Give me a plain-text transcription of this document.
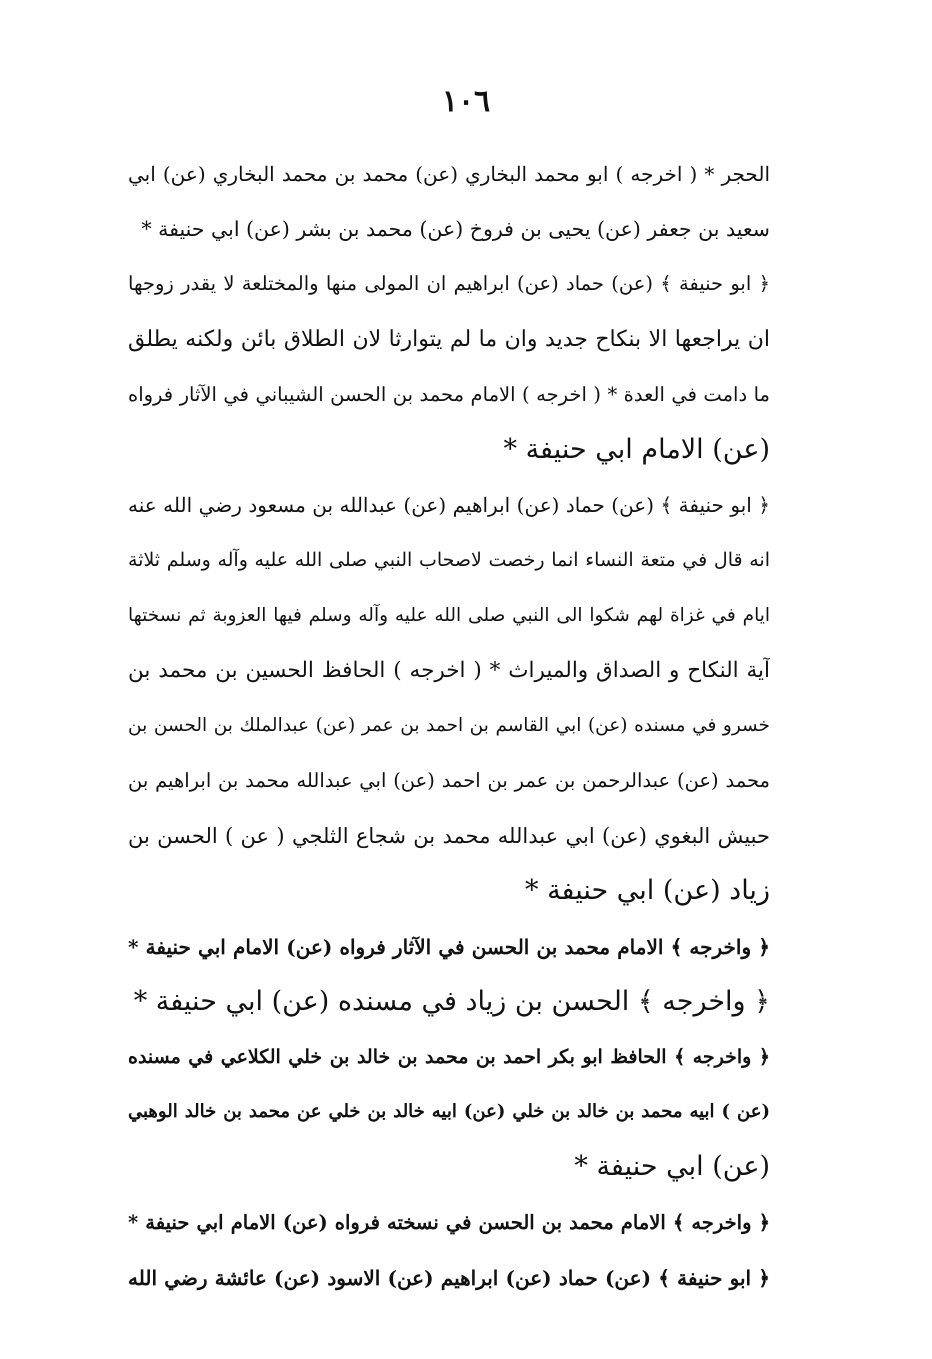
١٠٦
الحجر * ( اخرجه ) ابو محمد البخاري (عن) محمد بن محمد البخاري (عن) ابي
سعيد بن جعفر (عن) يحيى بن فروخ (عن) محمد بن بشر (عن) ابي حنيفة *
﴿ ابو حنيفة ﴾ (عن) حماد (عن) ابراهيم ان المولى منها والمختلعة لا يقدر زوجها
ان يراجعها الا بنكاح جديد وان ما لم يتوارثا لان الطلاق بائن ولكنه يطلق
ما دامت في العدة * ( اخرجه ) الامام محمد بن الحسن الشيباني في الآثار فرواه
(عن) الامام ابي حنيفة *
﴿ ابو حنيفة ﴾ (عن) حماد (عن) ابراهيم (عن) عبدالله بن مسعود رضي الله عنه
انه قال في متعة النساء انما رخصت لاصحاب النبي صلى الله عليه وآله وسلم ثلاثة
ايام في غزاة لهم شكوا الى النبي صلى الله عليه وآله وسلم فيها العزوبة ثم نسختها
آية النكاح و الصداق والميراث * ( اخرجه ) الحافظ الحسين بن محمد بن
خسرو في مسنده (عن) ابي القاسم بن احمد بن عمر (عن) عبدالملك بن الحسن بن
محمد (عن) عبدالرحمن بن عمر بن احمد (عن) ابي عبدالله محمد بن ابراهيم بن
حبيش البغوي (عن) ابي عبدالله محمد بن شجاع الثلجي ( عن ) الحسن بن
زياد (عن) ابي حنيفة *
﴿ واخرجه ﴾ الامام محمد بن الحسن في الآثار فرواه (عن) الامام ابي حنيفة *
﴿ واخرجه ﴾ الحسن بن زياد في مسنده (عن) ابي حنيفة *
﴿ واخرجه ﴾ الحافظ ابو بكر احمد بن محمد بن خالد بن خلي الكلاعي في مسنده
(عن ) ابيه محمد بن خالد بن خلي (عن) ابيه خالد بن خلي عن محمد بن خالد الوهبي
(عن) ابي حنيفة *
﴿ واخرجه ﴾ الامام محمد بن الحسن في نسخته فرواه (عن) الامام ابي حنيفة *
﴿ ابو حنيفة ﴾ (عن) حماد (عن) ابراهيم (عن) الاسود (عن) عائشة رضي الله
